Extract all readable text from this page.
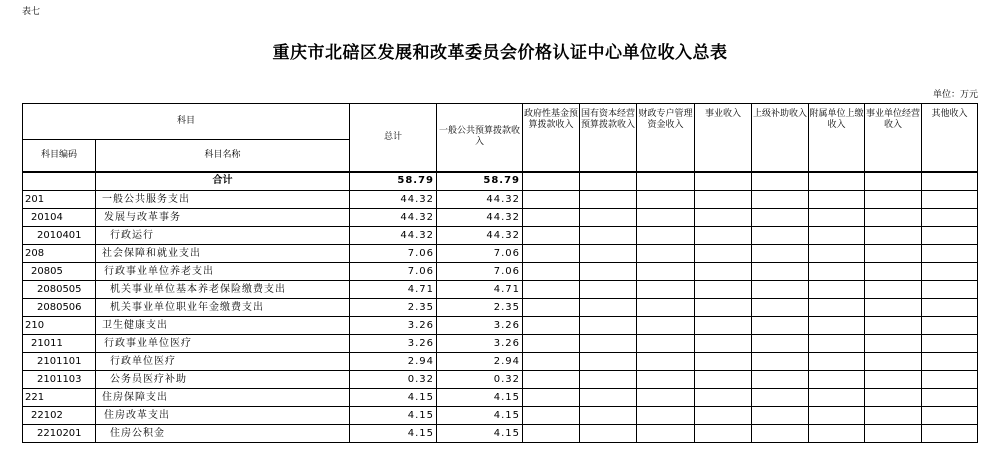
表七
重庆市北碚区发展和改革委员会价格认证中心单位收入总表
单位：万元
科目		总计	一般公共预算拨款收入	政府性基金预算拨款收入	国有资本经营预算拨款收入	财政专户管理资金收入	事业收入	上级补助收入	附属单位上缴收入	事业单位经营收入	其他收入
科目编码	科目名称										
	合计	58.79	58.79								
201	一般公共服务支出	44.32	44.32								
20104	发展与改革事务	44.32	44.32								
2010401	行政运行	44.32	44.32								
208	社会保障和就业支出	7.06	7.06								
20805	行政事业单位养老支出	7.06	7.06								
2080505	机关事业单位基本养老保险缴费支出	4.71	4.71								
2080506	机关事业单位职业年金缴费支出	2.35	2.35								
210	卫生健康支出	3.26	3.26								
21011	行政事业单位医疗	3.26	3.26								
2101101	行政单位医疗	2.94	2.94								
2101103	公务员医疗补助	0.32	0.32								
221	住房保障支出	4.15	4.15								
22102	住房改革支出	4.15	4.15								
2210201	住房公积金	4.15	4.15								
